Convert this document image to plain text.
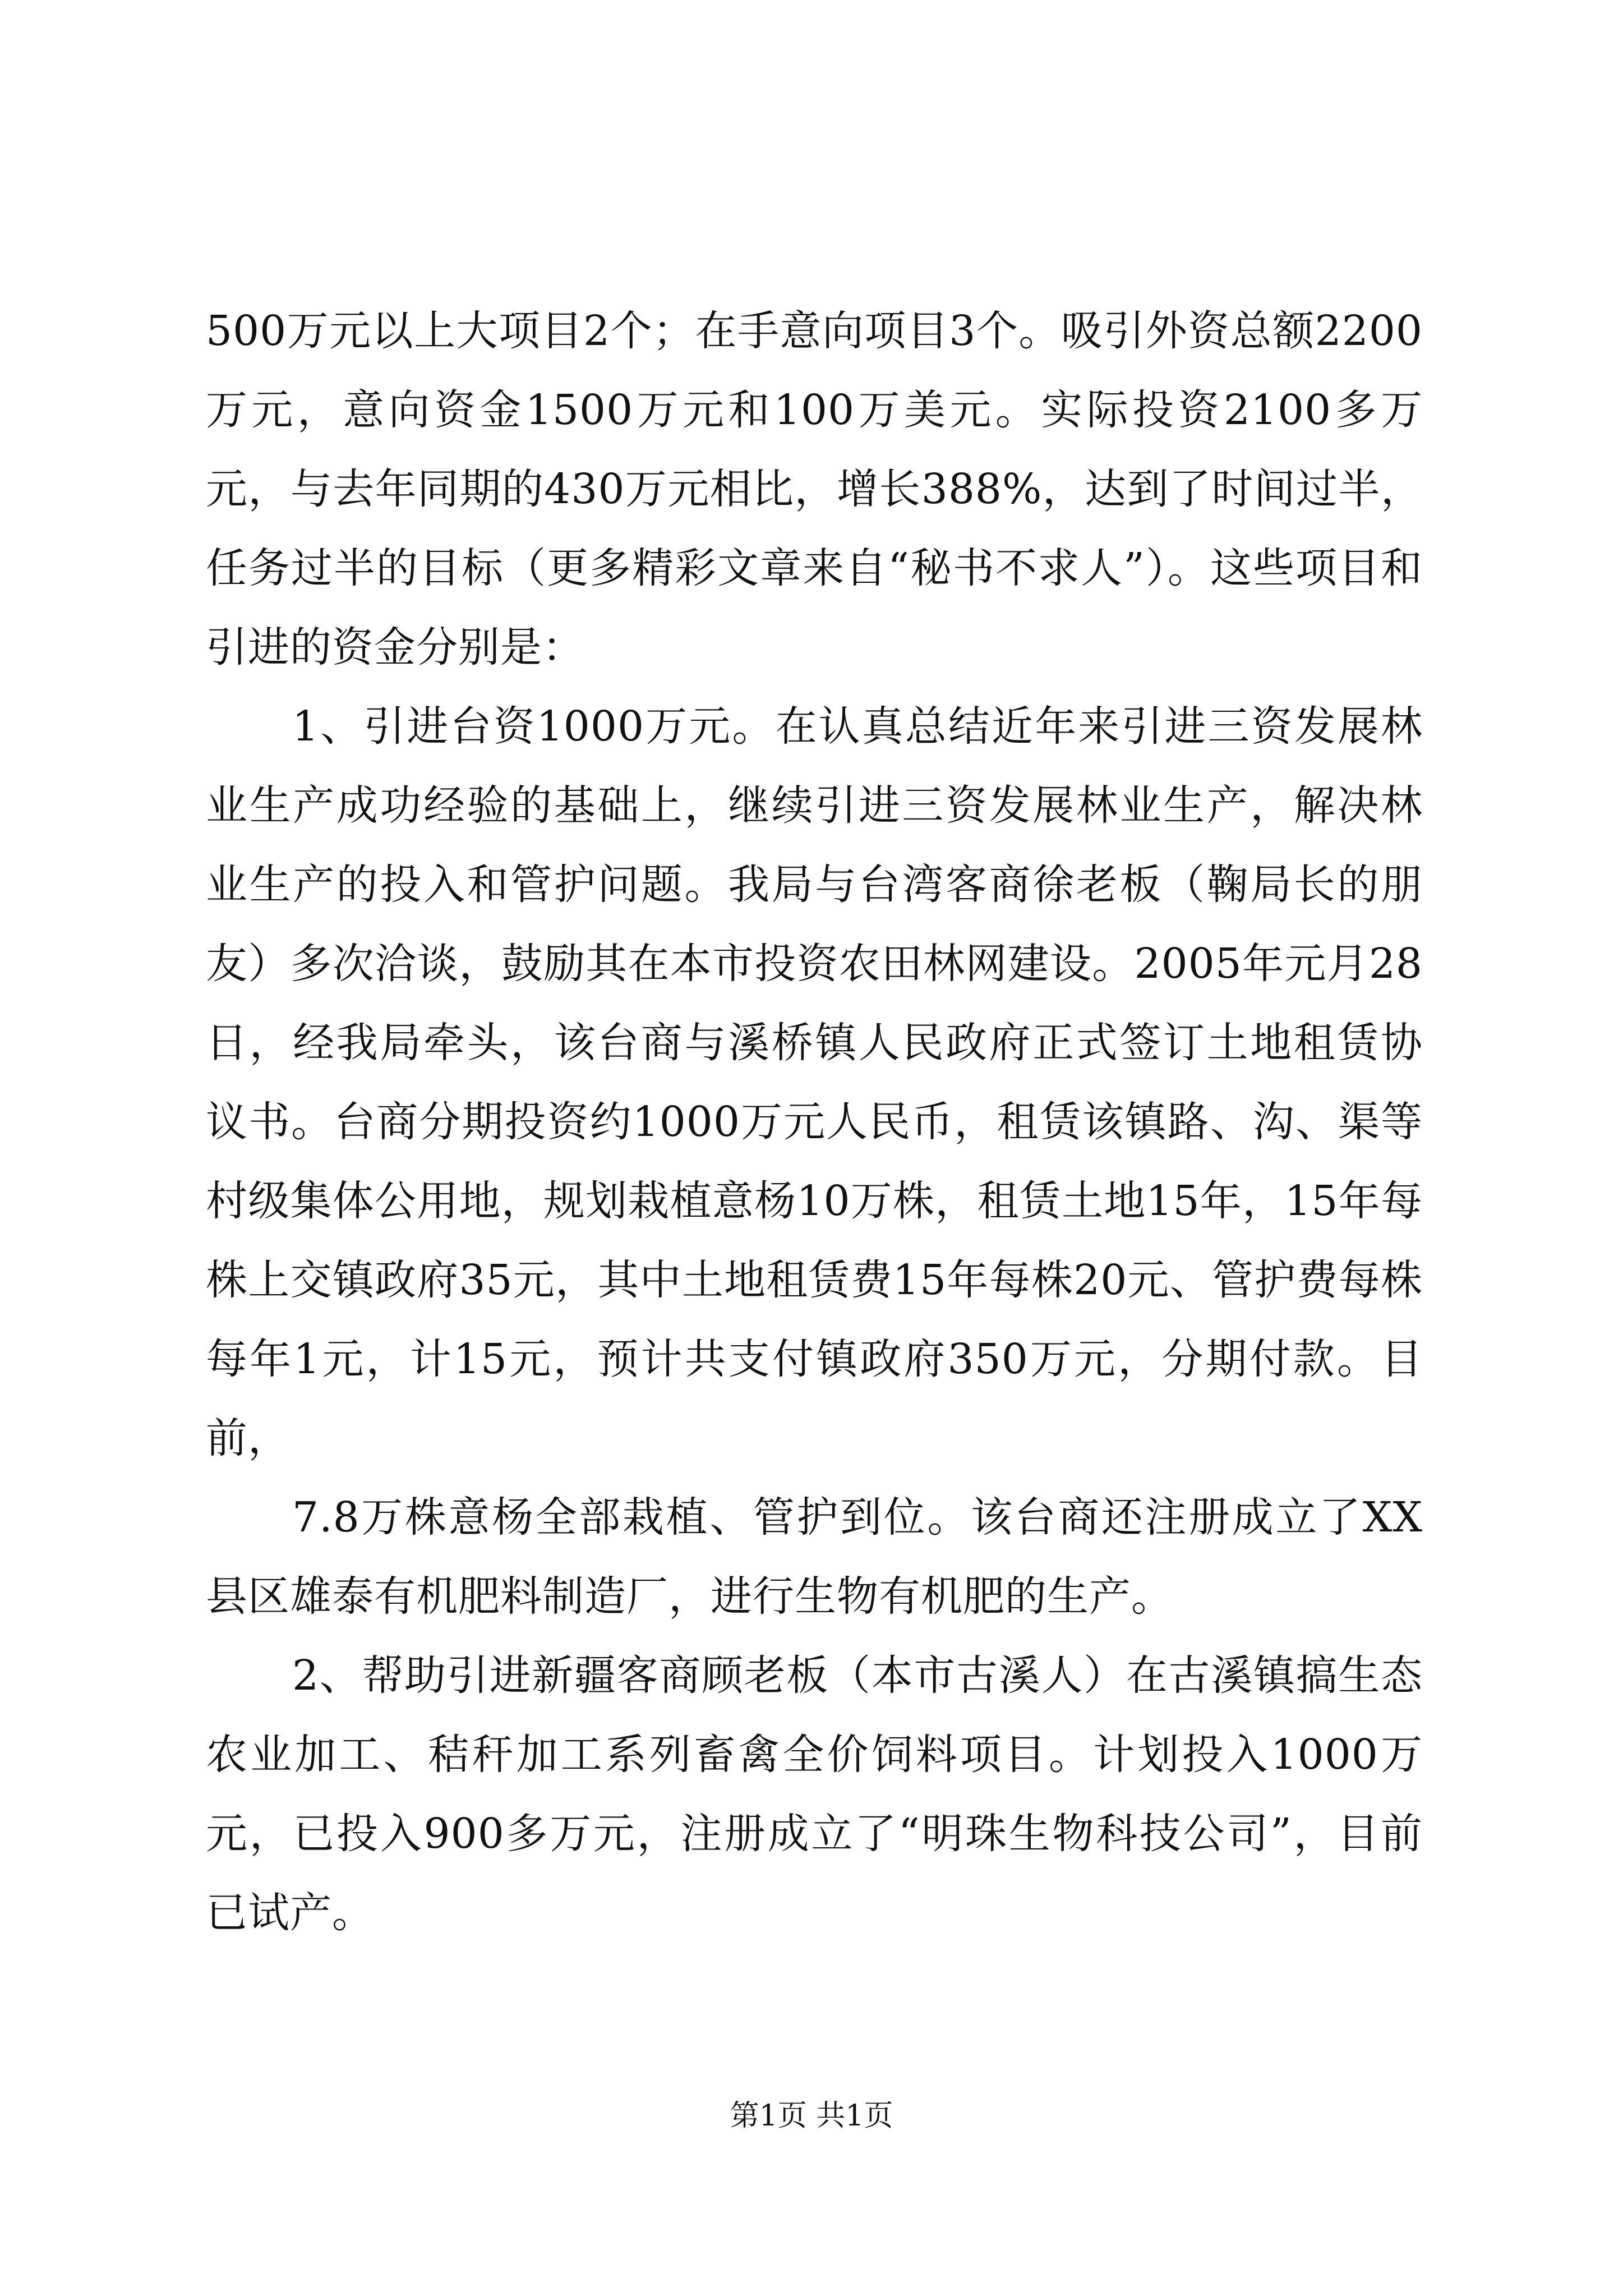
500万元以上大项目2个；在手意向项目3个。吸引外资总额2200万元，意向资金1500万元和100万美元。实际投资2100多万元，与去年同期的430万元相比，增长388%，达到了时间过半，任务过半的目标（更多精彩文章来自“秘书不求人”）。这些项目和引进的资金分别是：

1、引进台资1000万元。在认真总结近年来引进三资发展林业生产成功经验的基础上，继续引进三资发展林业生产，解决林业生产的投入和管护问题。我局与台湾客商徐老板（鞠局长的朋友）多次洽谈，鼓励其在本市投资农田林网建设。2005年元月28日，经我局牵头，该台商与溪桥镇人民政府正式签订土地租赁协议书。台商分期投资约1000万元人民币，租赁该镇路、沟、渠等村级集体公用地，规划栽植意杨10万株，租赁土地15年，15年每株上交镇政府35元，其中土地租赁费15年每株20元、管护费每株每年1元，计15元，预计共支付镇政府350万元，分期付款。目前，

7.8万株意杨全部栽植、管护到位。该台商还注册成立了XX县区雄泰有机肥料制造厂，进行生物有机肥的生产。

2、帮助引进新疆客商顾老板（本市古溪人）在古溪镇搞生态农业加工、秸秆加工系列畜禽全价饲料项目。计划投入1000万元，已投入900多万元，注册成立了“明珠生物科技公司”，目前已试产。

第1页 共1页
